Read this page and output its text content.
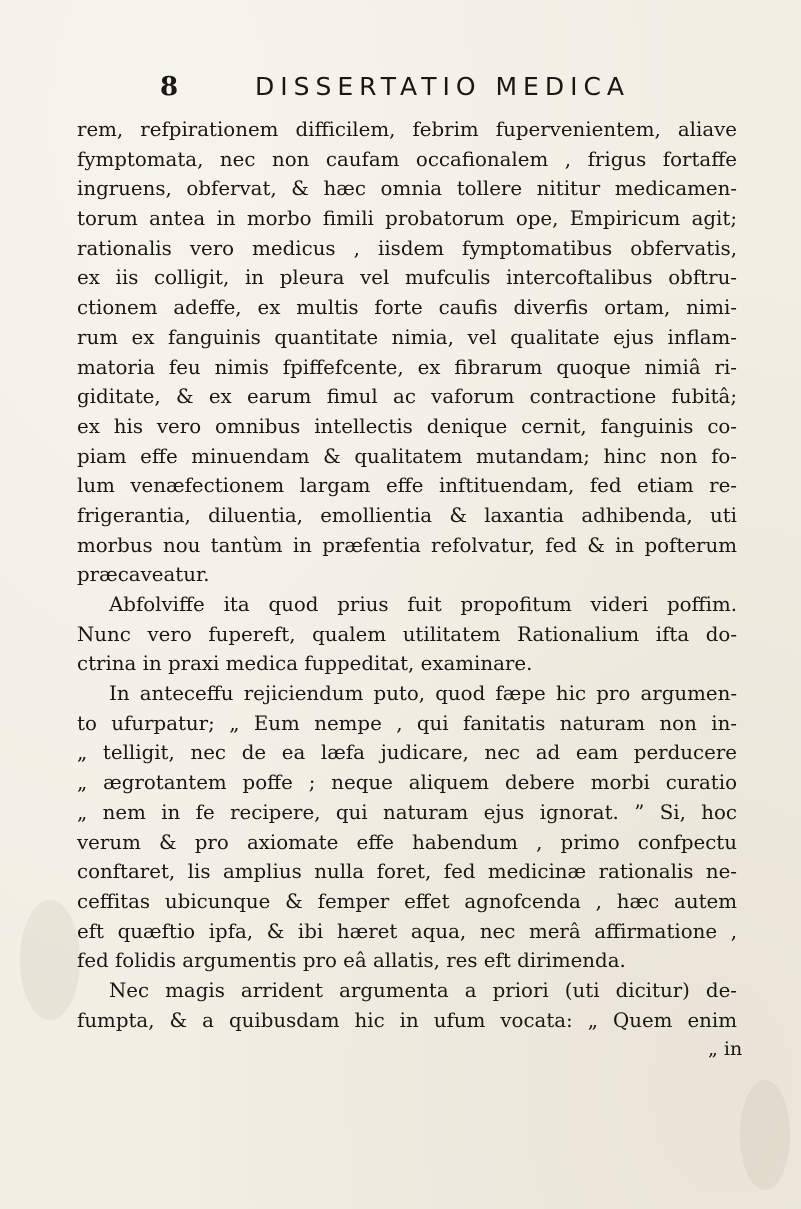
8	DISSERTATIO MEDICA
rem, refpirationem difficilem, febrim fupervenientem, aliave
fymptomata, nec non caufam occafionalem , frigus fortaffe
ingruens, obfervat, & hæc omnia tollere nititur medicamen-
torum antea in morbo fimili probatorum ope, Empiricum agit;
rationalis vero medicus , iisdem fymptomatibus obfervatis,
ex iis colligit, in pleura vel mufculis intercoftalibus obftru-
ctionem adeffe, ex multis forte caufis diverfis ortam, nimi-
rum ex fanguinis quantitate nimia, vel qualitate ejus inflam-
matoria feu nimis fpiffefcente, ex fibrarum quoque nimiâ ri-
giditate, & ex earum fimul ac vaforum contractione fubitâ;
ex his vero omnibus intellectis denique cernit, fanguinis co-
piam effe minuendam & qualitatem mutandam; hinc non fo-
lum venæfectionem largam effe inftituendam, fed etiam re-
frigerantia, diluentia, emollientia & laxantia adhibenda, uti
morbus nou tantùm in præfentia refolvatur, fed & in pofterum
præcaveatur.
Abfolviffe ita quod prius fuit propofitum videri poffim.
Nunc vero fupereft, qualem utilitatem Rationalium ifta do-
ctrina in praxi medica fuppeditat, examinare.
In anteceffu rejiciendum puto, quod fæpe hic pro argumen-
to ufurpatur; „ Eum nempe , qui fanitatis naturam non in-
„ telligit, nec de ea læfa judicare, nec ad eam perducere
„ ægrotantem poffe ; neque aliquem debere morbi curatio
„ nem in fe recipere, qui naturam ejus ignorat. ” Si, hoc
verum & pro axiomate effe habendum , primo confpectu
conftaret, lis amplius nulla foret, fed medicinæ rationalis ne-
ceffitas ubicunque & femper effet agnofcenda , hæc autem
eft quæftio ipfa, & ibi hæret aqua, nec merâ affirmatione ,
fed folidis argumentis pro eâ allatis, res eft dirimenda.
Nec magis arrident argumenta a priori (uti dicitur) de-
fumpta, & a quibusdam hic in ufum vocata: „ Quem enim
„ in
